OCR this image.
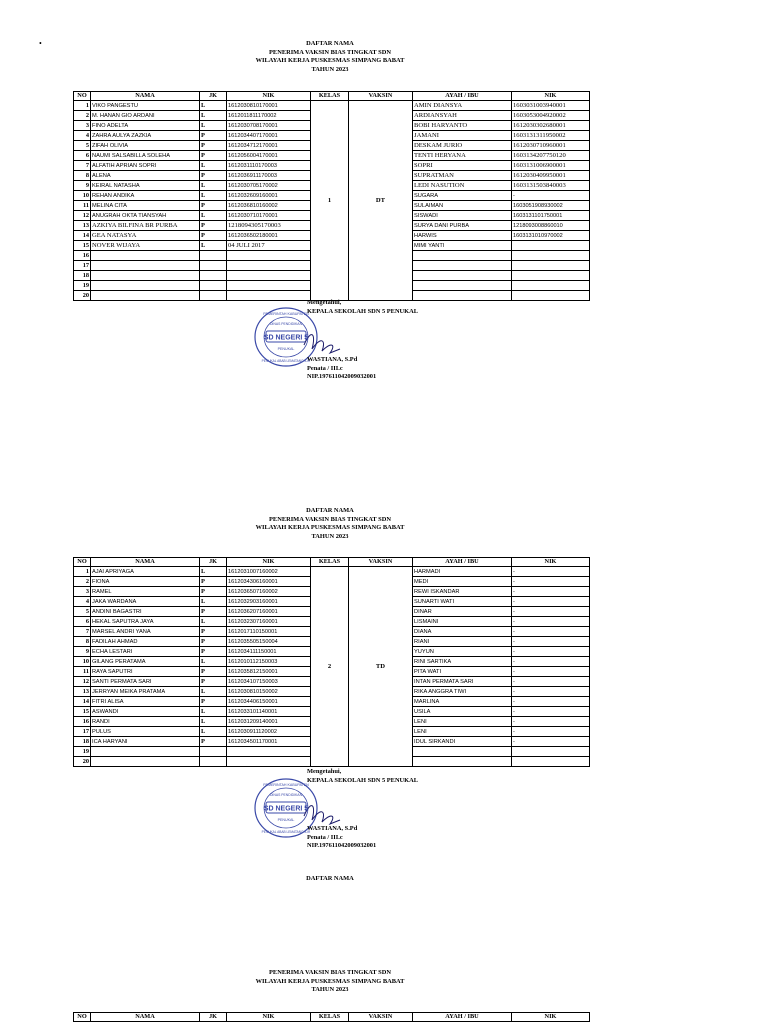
•	DAFTAR NAMA
PENERIMA VAKSIN BIAS TINGKAT SDN
WILAYAH KERJA PUSKESMAS SIMPANG BABAT
TAHUN 2023
NO	NAMA	JK	NIK	KELAS	VAKSIN	AYAH / IBU	NIK
1	VIKO PANGESTU	L	1612030810170001	1	DT	AMIN DIANSYA	1603031003940001
2	M. HANAN GIO ARDANI	L	1612011811170002			ARDIANSYAH	1603053004920002
3	FINO ADELTA	L	1612030708170001			BOBI HARYANTO	1612030302680001
4	ZAHRA AULYA ZAZKIA	P	1612034407170001			JAMANI	1603131311950002
5	ZIFAH OLIVIA	P	1612034712170001			DESKAM JURIO	1612030710960001
6	NAUMI SALSABILLA SOLEHA	P	1612056004170001			TENTI HERYANA	1603134207750120
7	ALFATIH APRIAN SOPRI	L	1612031110170003			SOPRI	1603131006900001
8	ALENA	P	1612036911170003			SUPRATMAN	1612030409950001
9	KEIRAL NATASHA	L	1612030705170002			LEDI NASUTION	1603131503840003
10	REHAN ANDIKA	L	1612032609160001			SUGARA	-
11	MELINA CITA	P	1612036810160002			SULAIMAN	1603051908930002
12	ANUGRAH OKTA TIANSYAH	L	1612030710170001			SISWADI	1603131101750001
13	AZKIYA BILFINA BR PURBA	P	1218094305170003			SURYA DANI PURBA	1218093008860010
14	GEA NATASYA	P	1612036502180001			HARWIS	1603131010970002
15	NOVER WIJAYA	L	04 JULI 2017			MIMI YANTI	
16							
17							
18							
19							
20							
PEMERINTAH KABUPATEN
DINAS PENDIDIKAN
SD NEGERI 5
PENUKAL
PENUKAL ABAB LEMATANG ILIR
Mengetahui,
KEPALA SEKOLAH SDN 5 PENUKAL
WASTIANA, S.Pd
Penata / III.c
NIP.197611042009032001
DAFTAR NAMA
PENERIMA VAKSIN BIAS TINGKAT SDN
WILAYAH KERJA PUSKESMAS SIMPANG BABAT
TAHUN 2023
NO	NAMA	JK	NIK	KELAS	VAKSIN	AYAH / IBU	NIK
1	AJAI APRIYAGA	L	1612031007160002	2	TD	HARMADI	-
2	FIONA	P	1612034306160001			MEDI	-
3	RAMEL	P	1612036507160002			REWI ISKANDAR	-
4	JAKA WARDANA	L	1612032903160001			SUNARTI WATI	-
5	ANDINI BAGASTRI	P	1612036207160001			DINAR	-
6	HEKAL SAPUTRA JAYA	L	1612032307160001			LISMAINI	-
7	MARSEL ANDRI YANA	P	1612017110150001			DIANA	-
8	FADILAH AHMAD	P	1612035505150004			RIANI	-
9	ECHA LESTARI	P	1612034111150001			YUYUN	-
10	GILANG PERATAMA	L	1612010112150003			RINI SARTIKA	-
11	RAYA SAPUTRI	P	1612035812150001			PITA WATI	-
12	SANTI PERMATA SARI	P	1612034107150003			INTAN PERMATA SARI	-
13	JERRYAN MEIKA PRATAMA	L	1612030810150002			RIKA ANGGRA TIWI	-
14	FITRI ALISA	P	1612034406150001			MARLINA	-
15	ASWANDI	L	1612033101140001			USILA	-
16	RANDI	L	1612031209140001			LENI	-
17	PULUS	L	1612030911120002			LENI	-
18	ICA HARYANI	P	1612034501170001			IDUL SIRKANDI	-
19							
20							
PEMERINTAH KABUPATEN
DINAS PENDIDIKAN
SD NEGERI 5
PENUKAL
PENUKAL ABAB LEMATANG ILIR
Mengetahui,
KEPALA SEKOLAH SDN 5 PENUKAL
WASTIANA, S.Pd
Penata / III.c
NIP.197611042009032001
DAFTAR NAMA
PENERIMA VAKSIN BIAS TINGKAT SDN
WILAYAH KERJA PUSKESMAS SIMPANG BABAT
TAHUN 2023
NO	NAMA	JK	NIK	KELAS	VAKSIN	AYAH / IBU	NIK
